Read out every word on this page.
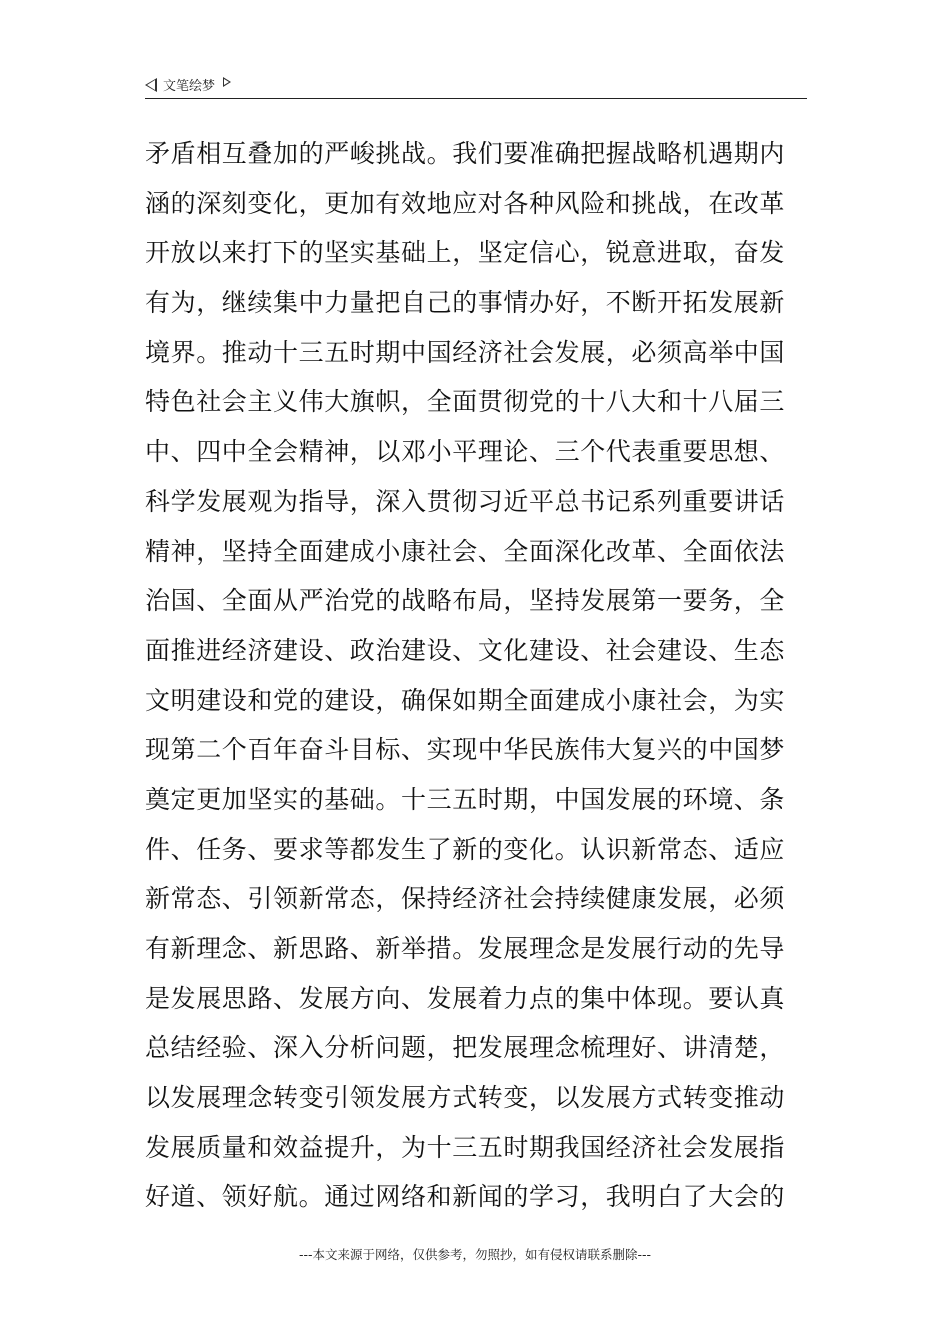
文笔绘梦
矛盾相互叠加的严峻挑战。我们要准确把握战略机遇期内
涵的深刻变化，更加有效地应对各种风险和挑战，在改革
开放以来打下的坚实基础上，坚定信心，锐意进取，奋发
有为，继续集中力量把自己的事情办好，不断开拓发展新
境界。推动十三五时期中国经济社会发展，必须高举中国
特色社会主义伟大旗帜，全面贯彻党的十八大和十八届三
中、四中全会精神，以邓小平理论、三个代表重要思想、
科学发展观为指导，深入贯彻习近平总书记系列重要讲话
精神，坚持全面建成小康社会、全面深化改革、全面依法
治国、全面从严治党的战略布局，坚持发展第一要务，全
面推进经济建设、政治建设、文化建设、社会建设、生态
文明建设和党的建设，确保如期全面建成小康社会，为实
现第二个百年奋斗目标、实现中华民族伟大复兴的中国梦
奠定更加坚实的基础。十三五时期，中国发展的环境、条
件、任务、要求等都发生了新的变化。认识新常态、适应
新常态、引领新常态，保持经济社会持续健康发展，必须
有新理念、新思路、新举措。发展理念是发展行动的先导
是发展思路、发展方向、发展着力点的集中体现。要认真
总结经验、深入分析问题，把发展理念梳理好、讲清楚，
以发展理念转变引领发展方式转变，以发展方式转变推动
发展质量和效益提升，为十三五时期我国经济社会发展指
好道、领好航。通过网络和新闻的学习，我明白了大会的
---本文来源于网络，仅供参考，勿照抄，如有侵权请联系删除---
